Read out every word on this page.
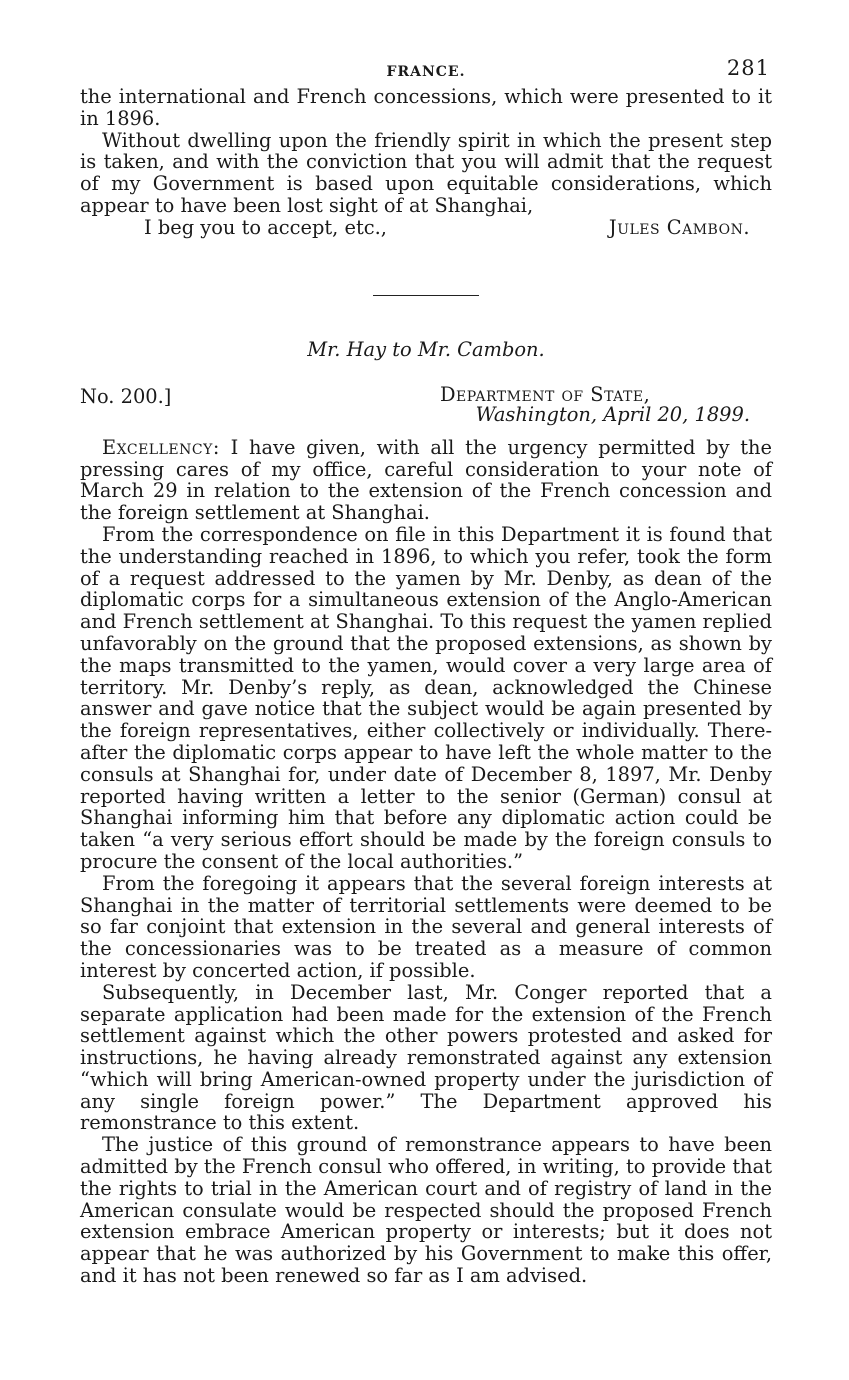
FRANCE.	281

the international and French concessions, which were presented to it in 1896.

Without dwelling upon the friendly spirit in which the present step is taken, and with the conviction that you will admit that the request of my Government is based upon equitable considerations, which appear to have been lost sight of at Shanghai,

I beg you to accept, etc.,	Jules Cambon.
Mr. Hay to Mr. Cambon.
No. 200.]	Department of State,
Washington, April 20, 1899.

Excellency: I have given, with all the urgency permitted by the pressing cares of my office, careful consideration to your note of March 29 in relation to the extension of the French concession and the foreign settlement at Shanghai.

From the correspondence on file in this Department it is found that the understanding reached in 1896, to which you refer, took the form of a request addressed to the yamen by Mr. Denby, as dean of the diplomatic corps for a simultaneous extension of the Anglo-American and French settlement at Shanghai. To this request the yamen replied unfavorably on the ground that the proposed extensions, as shown by the maps transmitted to the yamen, would cover a very large area of territory. Mr. Denby’s reply, as dean, acknowledged the Chinese answer and gave notice that the subject would be again presented by the foreign representatives, either collectively or individually. Thereafter the diplomatic corps appear to have left the whole matter to the consuls at Shanghai for, under date of December 8, 1897, Mr. Denby reported having written a letter to the senior (German) consul at Shanghai informing him that before any diplomatic action could be taken “a very serious effort should be made by the foreign consuls to procure the consent of the local authorities.”

From the foregoing it appears that the several foreign interests at Shanghai in the matter of territorial settlements were deemed to be so far conjoint that extension in the several and general interests of the concessionaries was to be treated as a measure of common interest by concerted action, if possible.

Subsequently, in December last, Mr. Conger reported that a separate application had been made for the extension of the French settlement against which the other powers protested and asked for instructions, he having already remonstrated against any extension “which will bring American-owned property under the jurisdiction of any single foreign power.” The Department approved his remonstrance to this extent.

The justice of this ground of remonstrance appears to have been admitted by the French consul who offered, in writing, to provide that the rights to trial in the American court and of registry of land in the American consulate would be respected should the proposed French extension embrace American property or interests; but it does not appear that he was authorized by his Government to make this offer, and it has not been renewed so far as I am advised.
